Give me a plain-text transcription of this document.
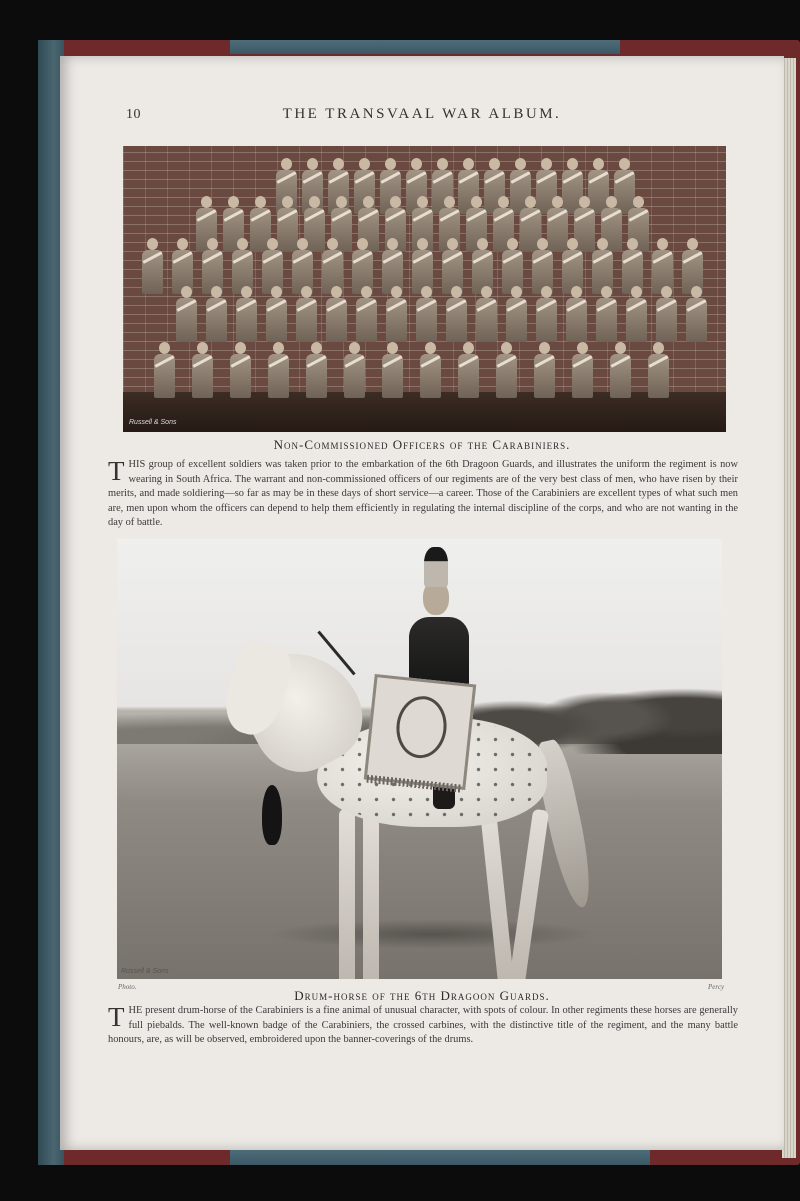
10	THE TRANSVAAL WAR ALBUM.
Russell & Sons
Non-Commissioned Officers of the Carabiniers.
THIS group of excellent soldiers was taken prior to the embarkation of the 6th Dragoon Guards, and illustrates the uniform the regiment is now wearing in South Africa. The warrant and non-commissioned officers of our regiments are of the very best class of men, who have risen by their merits, and made soldiering—so far as may be in these days of short service—a career. Those of the Carabiniers are excellent types of what such men are, men upon whom the officers can depend to help them efficiently in regulating the internal discipline of the corps, and who are not wanting in the day of battle.
Russell & Sons
Photo.	Percy
Drum-horse of the 6th Dragoon Guards.
THE present drum-horse of the Carabiniers is a fine animal of unusual character, with spots of colour. In other regiments these horses are generally full piebalds. The well-known badge of the Carabiniers, the crossed carbines, with the distinctive title of the regiment, and the many battle honours, are, as will be observed, embroidered upon the banner-coverings of the drums.
